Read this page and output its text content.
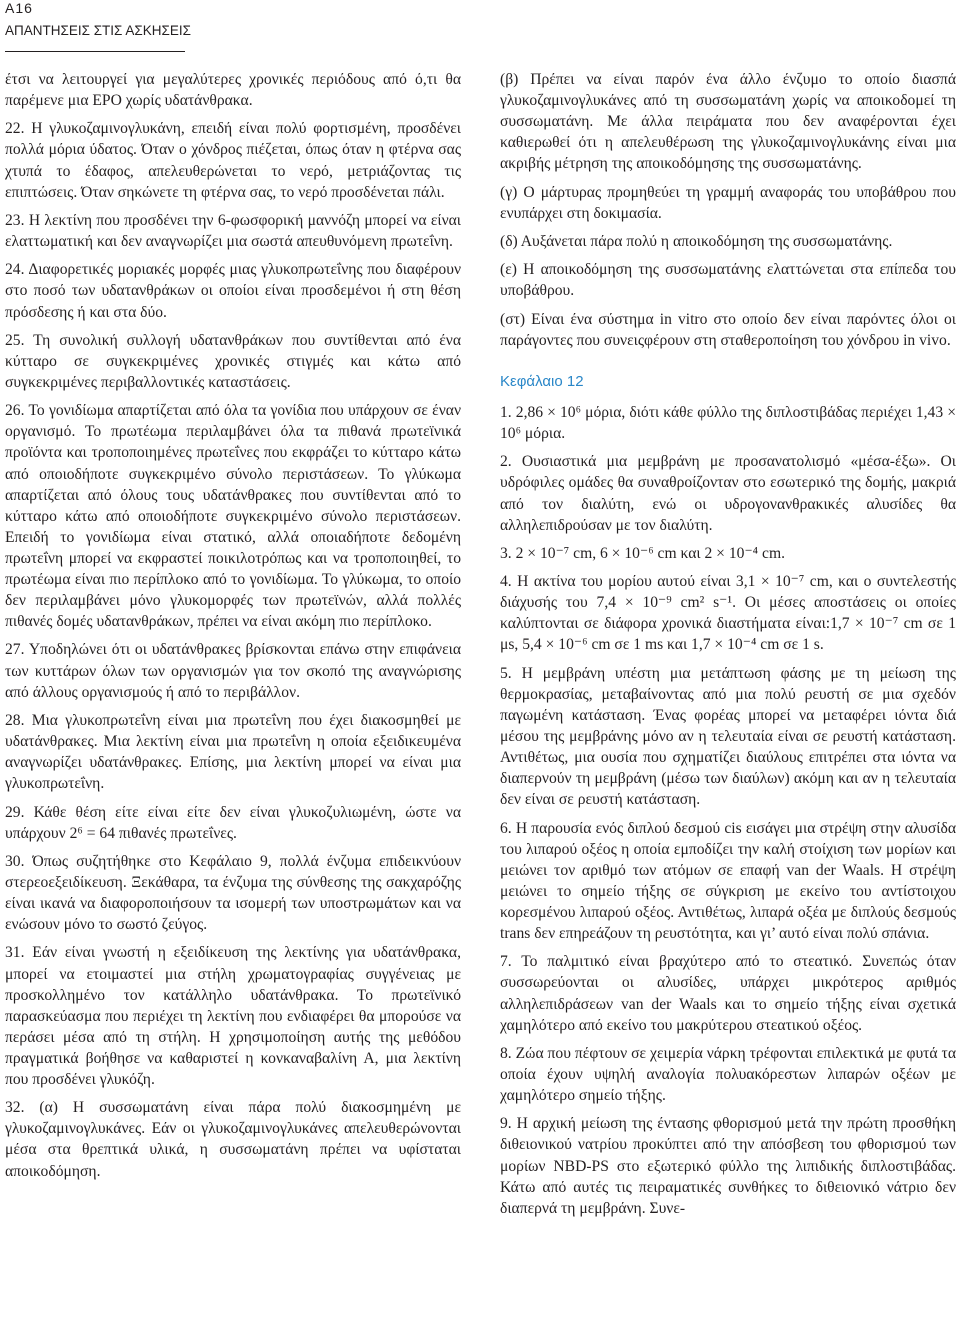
A16
ΑΠΑΝΤΗΣΕΙΣ ΣΤΙΣ ΑΣΚΗΣΕΙΣ

έτσι να λειτουργεί για μεγαλύτερες χρονικές περιόδους από ό,τι θα παρέμενε μια ΕΡΟ χωρίς υδατάνθρακα.

22. Η γλυκοζαμινογλυκάνη, επειδή είναι πολύ φορτισμένη, προσδένει πολλά μόρια ύδατος. Όταν ο χόνδρος πιέζεται, όπως όταν η φτέρνα σας χτυπά το έδαφος, απελευθερώνεται το νερό, μετριάζοντας τις επιπτώσεις. Όταν σηκώνετε τη φτέρνα σας, το νερό προσδένεται πάλι.

23. Η λεκτίνη που προσδένει την 6-φωσφορική μαννόζη μπορεί να είναι ελαττωματική και δεν αναγνωρίζει μια σωστά απευθυνόμενη πρωτεΐνη.

24. Διαφορετικές μοριακές μορφές μιας γλυκοπρωτεΐνης που διαφέρουν στο ποσό των υδατανθράκων οι οποίοι είναι προσδεμένοι ή στη θέση πρόσδεσης ή και στα δύο.

25. Τη συνολική συλλογή υδατανθράκων που συντίθενται από ένα κύτταρο σε συγκεκριμένες χρονικές στιγμές και κάτω από συγκεκριμένες περιβαλλοντικές καταστάσεις.

26. Το γονιδίωμα απαρτίζεται από όλα τα γονίδια που υπάρχουν σε έναν οργανισμό. Το πρωτέωμα περιλαμβάνει όλα τα πιθανά πρωτεϊνικά προϊόντα και τροποποιημένες πρωτεΐνες που εκφράζει το κύτταρο κάτω από οποιοδήποτε συγκεκριμένο σύνολο περιστάσεων. Το γλύκωμα απαρτίζεται από όλους τους υδατάνθρακες που συντίθενται από το κύτταρο κάτω από οποιοδήποτε συγκεκριμένο σύνολο περιστάσεων. Επειδή το γονιδίωμα είναι στατικό, αλλά οποιαδήποτε δεδομένη πρωτεΐνη μπορεί να εκφραστεί ποικιλοτρόπως και να τροποποιηθεί, το πρωτέωμα είναι πιο περίπλοκο από το γονιδίωμα. Το γλύκωμα, το οποίο δεν περιλαμβάνει μόνο γλυκομορφές των πρωτεϊνών, αλλά πολλές πιθανές δομές υδατανθράκων, πρέπει να είναι ακόμη πιο περίπλοκο.

27. Υποδηλώνει ότι οι υδατάνθρακες βρίσκονται επάνω στην επιφάνεια των κυττάρων όλων των οργανισμών για τον σκοπό της αναγνώρισης από άλλους οργανισμούς ή από το περιβάλλον.

28. Μια γλυκοπρωτεΐνη είναι μια πρωτεΐνη που έχει διακοσμηθεί με υδατάνθρακες. Μια λεκτίνη είναι μια πρωτεΐνη η οποία εξειδικευμένα αναγνωρίζει υδατάνθρακες. Επίσης, μια λεκτίνη μπορεί να είναι μια γλυκοπρωτεΐνη.

29. Κάθε θέση είτε είναι είτε δεν είναι γλυκοζυλιωμένη, ώστε να υπάρχουν 2⁶ = 64 πιθανές πρωτεΐνες.

30. Όπως συζητήθηκε στο Κεφάλαιο 9, πολλά ένζυμα επιδεικνύουν στερεοεξειδίκευση. Ξεκάθαρα, τα ένζυμα της σύνθεσης της σακχαρόζης είναι ικανά να διαφοροποιήσουν τα ισομερή των υποστρωμάτων και να ενώσουν μόνο το σωστό ζεύγος.

31. Εάν είναι γνωστή η εξειδίκευση της λεκτίνης για υδατάνθρακα, μπορεί να ετοιμαστεί μια στήλη χρωματογραφίας συγγένειας με προσκολλημένο τον κατάλληλο υδατάνθρακα. Το πρωτεϊνικό παρασκεύασμα που περιέχει τη λεκτίνη που ενδιαφέρει θα μπορούσε να περάσει μέσα από τη στήλη. Η χρησιμοποίηση αυτής της μεθόδου πραγματικά βοήθησε να καθαριστεί η κονκαναβαλίνη Α, μια λεκτίνη που προσδένει γλυκόζη.

32. (α) Η συσσωματάνη είναι πάρα πολύ διακοσμημένη με γλυκοζαμινογλυκάνες. Εάν οι γλυκοζαμινογλυκάνες απελευθερώνονται μέσα στα θρεπτικά υλικά, η συσσωματάνη πρέπει να υφίσταται αποικοδόμηση.

(β) Πρέπει να είναι παρόν ένα άλλο ένζυμο το οποίο διασπά γλυκοζαμινογλυκάνες από τη συσσωματάνη χωρίς να αποικοδομεί τη συσσωματάνη. Με άλλα πειράματα που δεν αναφέρονται έχει καθιερωθεί ότι η απελευθέρωση της γλυκοζαμινογλυκάνης είναι μια ακριβής μέτρηση της αποικοδόμησης της συσσωματάνης.

(γ) Ο μάρτυρας προμηθεύει τη γραμμή αναφοράς του υποβάθρου που ενυπάρχει στη δοκιμασία.

(δ) Αυξάνεται πάρα πολύ η αποικοδόμηση της συσσωματάνης.

(ε) Η αποικοδόμηση της συσσωματάνης ελαττώνεται στα επίπεδα του υποβάθρου.

(στ) Είναι ένα σύστημα in vitro στο οποίο δεν είναι παρόντες όλοι οι παράγοντες που συνειςφέρουν στη σταθεροποίηση του χόνδρου in vivo.

Κεφάλαιο 12

1. 2,86 × 10⁶ μόρια, διότι κάθε φύλλο της διπλοστιβάδας περιέχει 1,43 × 10⁶ μόρια.

2. Ουσιαστικά μια μεμβράνη με προσανατολισμό «μέσα-έξω». Οι υδρόφιλες ομάδες θα συναθροίζονταν στο εσωτερικό της δομής, μακριά από τον διαλύτη, ενώ οι υδρογονανθρακικές αλυσίδες θα αλληλεπιδρούσαν με τον διαλύτη.

3. 2 × 10⁻⁷ cm, 6 × 10⁻⁶ cm και 2 × 10⁻⁴ cm.

4. Η ακτίνα του μορίου αυτού είναι 3,1 × 10⁻⁷ cm, και ο συντελεστής διάχυσής του 7,4 × 10⁻⁹ cm² s⁻¹. Οι μέσες αποστάσεις οι οποίες καλύπτονται σε διάφορα χρονικά διαστήματα είναι:1,7 × 10⁻⁷ cm σε 1 μs, 5,4 × 10⁻⁶ cm σε 1 ms και 1,7 × 10⁻⁴ cm σε 1 s.

5. Η μεμβράνη υπέστη μια μετάπτωση φάσης με τη μείωση της θερμοκρασίας, μεταβαίνοντας από μια πολύ ρευστή σε μια σχεδόν παγωμένη κατάσταση. Ένας φορέας μπορεί να μεταφέρει ιόντα διά μέσου της μεμβράνης μόνο αν η τελευταία είναι σε ρευστή κατάσταση. Αντιθέτως, μια ουσία που σχηματίζει διαύλους επιτρέπει στα ιόντα να διαπερνούν τη μεμβράνη (μέσω των διαύλων) ακόμη και αν η τελευταία δεν είναι σε ρευστή κατάσταση.

6. Η παρουσία ενός διπλού δεσμού cis εισάγει μια στρέψη στην αλυσίδα του λιπαρού οξέος η οποία εμποδίζει την καλή στοίχιση των μορίων και μειώνει τον αριθμό των ατόμων σε επαφή van der Waals. Η στρέψη μειώνει το σημείο τήξης σε σύγκριση με εκείνο του αντίστοιχου κορεσμένου λιπαρού οξέος. Αντιθέτως, λιπαρά οξέα με διπλούς δεσμούς trans δεν επηρεάζουν τη ρευστότητα, και γι’ αυτό είναι πολύ σπάνια.

7. Το παλμιτικό είναι βραχύτερο από το στεατικό. Συνεπώς όταν συσσωρεύονται οι αλυσίδες, υπάρχει μικρότερος αριθμός αλληλεπιδράσεων van der Waals και το σημείο τήξης είναι σχετικά χαμηλότερο από εκείνο του μακρύτερου στεατικού οξέος.

8. Ζώα που πέφτουν σε χειμερία νάρκη τρέφονται επιλεκτικά με φυτά τα οποία έχουν υψηλή αναλογία πολυακόρεστων λιπαρών οξέων με χαμηλότερο σημείο τήξης.

9. Η αρχική μείωση της έντασης φθορισμού μετά την πρώτη προσθήκη διθειονικού νατρίου προκύπτει από την απόσβεση του φθορισμού των μορίων NBD-PS στο εξωτερικό φύλλο της λιπιδικής διπλοστιβάδας. Κάτω από αυτές τις πειραματικές συνθήκες το διθειονικό νάτριο δεν διαπερνά τη μεμβράνη. Συνε-
